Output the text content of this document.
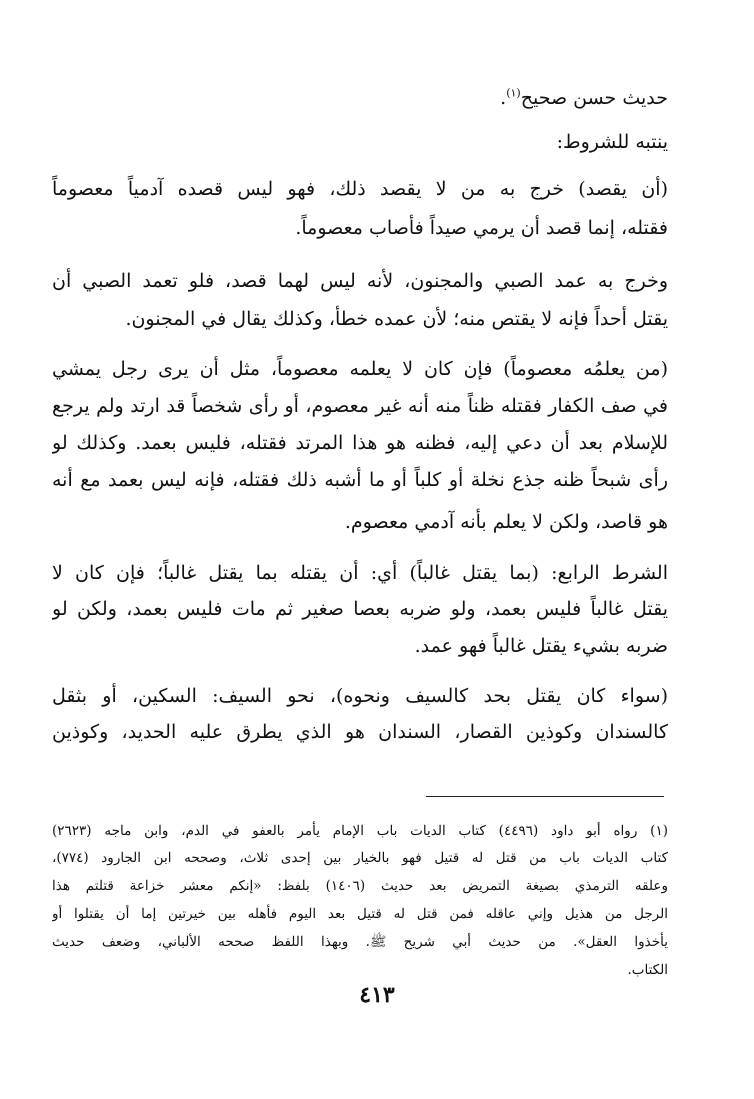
حديث حسن صحيح$^{(١)}$.
ينتبه للشروط:
(أن يقصد) خرج به من لا يقصد ذلك، فهو ليس قصده آدمياً معصوماً
فقتله، إنما قصد أن يرمي صيداً فأصاب معصوماً.
وخرج به عمد الصبي والمجنون، لأنه ليس لهما قصد، فلو تعمد الصبي أن
يقتل أحداً فإنه لا يقتص منه؛ لأن عمده خطأ، وكذلك يقال في المجنون.
(من يعلمُه معصوماً) فإن كان لا يعلمه معصوماً، مثل أن يرى رجل يمشي
في صف الكفار فقتله ظناً منه أنه غير معصوم، أو رأى شخصاً قد ارتد ولم يرجع
للإسلام بعد أن دعي إليه، فظنه هو هذا المرتد فقتله، فليس بعمد. وكذلك لو
رأى شبحاً ظنه جذع نخلة أو كلباً أو ما أشبه ذلك فقتله، فإنه ليس بعمد مع أنه
هو قاصد، ولكن لا يعلم بأنه آدمي معصوم.
الشرط الرابع: (بما يقتل غالباً) أي: أن يقتله بما يقتل غالباً؛ فإن كان لا
يقتل غالباً فليس بعمد، ولو ضربه بعصا صغير ثم مات فليس بعمد، ولكن لو
ضربه بشيء يقتل غالباً فهو عمد.
(سواء كان يقتل بحد كالسيف ونحوه)، نحو السيف: السكين، أو بثقل
كالسندان وكوذين القصار، السندان هو الذي يطرق عليه الحديد، وكوذين
(١) رواه أبو داود (٤٤٩٦) كتاب الديات باب الإمام يأمر بالعفو في الدم، وابن ماجه (٢٦٢٣)
كتاب الديات باب من قتل له قتيل فهو بالخيار بين إحدى ثلاث، وصححه ابن الجارود (٧٧٤)،
وعلقه الترمذي بصيغة التمريض بعد حديث (١٤٠٦) بلفظ: «إنكم معشر خزاعة قتلتم هذا
الرجل من هذيل وإني عاقله فمن قتل له قتيل بعد اليوم فأهله بين خيرتين إما أن يقتلوا أو
يأخذوا العقل». من حديث أبي شريح ﷺ. وبهذا اللفظ صححه الألباني، وضعف حديث
الكتاب.
٤١٣
